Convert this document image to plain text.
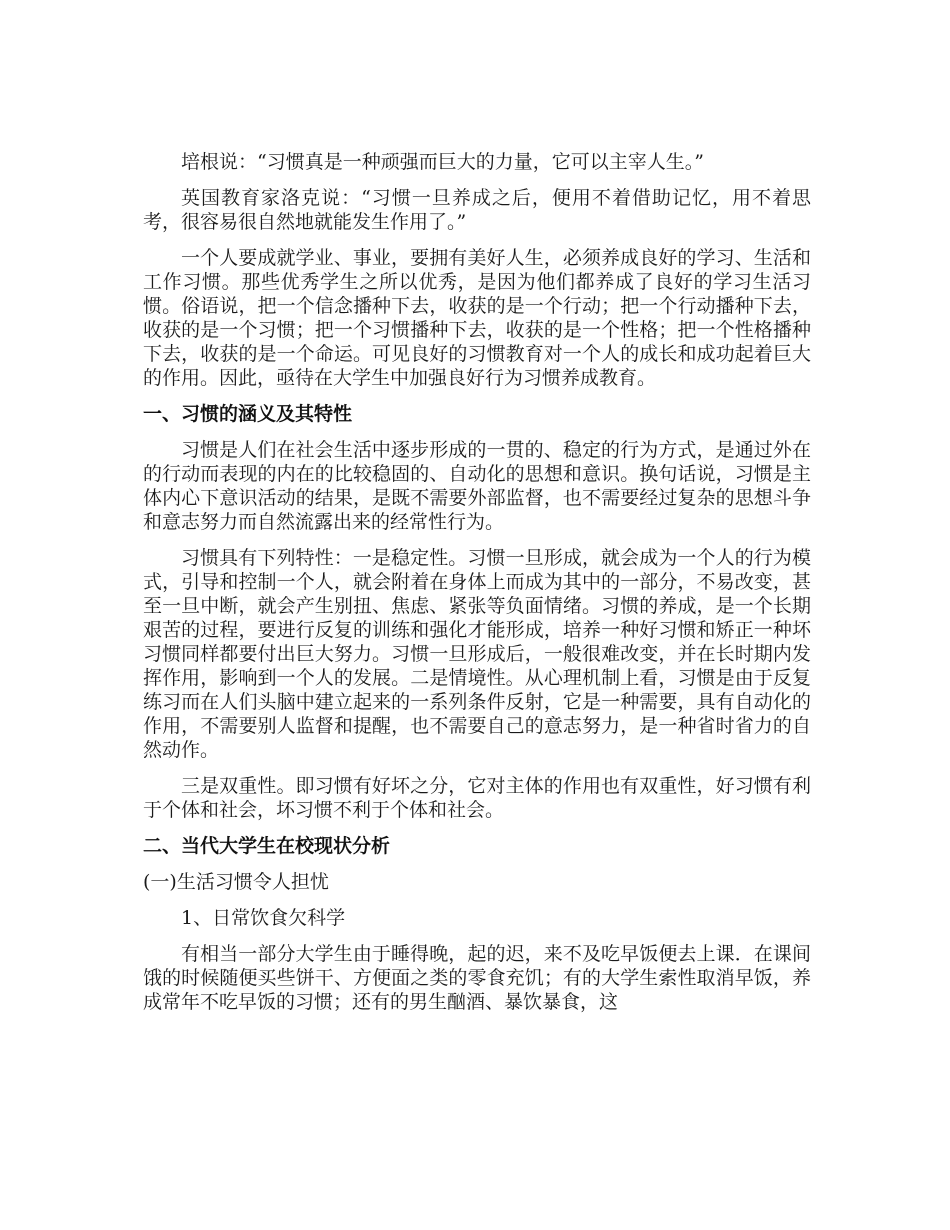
培根说：“习惯真是一种顽强而巨大的力量，它可以主宰人生。”

英国教育家洛克说：“习惯一旦养成之后，便用不着借助记忆，用不着思考，很容易很自然地就能发生作用了。”

一个人要成就学业、事业，要拥有美好人生，必须养成良好的学习、生活和工作习惯。那些优秀学生之所以优秀，是因为他们都养成了良好的学习生活习惯。俗语说，把一个信念播种下去，收获的是一个行动；把一个行动播种下去，收获的是一个习惯；把一个习惯播种下去，收获的是一个性格；把一个性格播种下去，收获的是一个命运。可见良好的习惯教育对一个人的成长和成功起着巨大的作用。因此，亟待在大学生中加强良好行为习惯养成教育。

一、习惯的涵义及其特性

习惯是人们在社会生活中逐步形成的一贯的、稳定的行为方式，是通过外在的行动而表现的内在的比较稳固的、自动化的思想和意识。换句话说，习惯是主体内心下意识活动的结果，是既不需要外部监督，也不需要经过复杂的思想斗争和意志努力而自然流露出来的经常性行为。

习惯具有下列特性：一是稳定性。习惯一旦形成，就会成为一个人的行为模式，引导和控制一个人，就会附着在身体上而成为其中的一部分，不易改变，甚至一旦中断，就会产生别扭、焦虑、紧张等负面情绪。习惯的养成，是一个长期艰苦的过程，要进行反复的训练和强化才能形成，培养一种好习惯和矫正一种坏习惯同样都要付出巨大努力。习惯一旦形成后，一般很难改变，并在长时期内发挥作用，影响到一个人的发展。二是情境性。从心理机制上看，习惯是由于反复练习而在人们头脑中建立起来的一系列条件反射，它是一种需要，具有自动化的作用，不需要别人监督和提醒，也不需要自己的意志努力，是一种省时省力的自然动作。

三是双重性。即习惯有好坏之分，它对主体的作用也有双重性，好习惯有利于个体和社会，坏习惯不利于个体和社会。

二、当代大学生在校现状分析

(一)生活习惯令人担忧

1、日常饮食欠科学

有相当一部分大学生由于睡得晚，起的迟，来不及吃早饭便去上课．在课间饿的时候随便买些饼干、方便面之类的零食充饥；有的大学生索性取消早饭，养成常年不吃早饭的习惯；还有的男生酗酒、暴饮暴食，这
